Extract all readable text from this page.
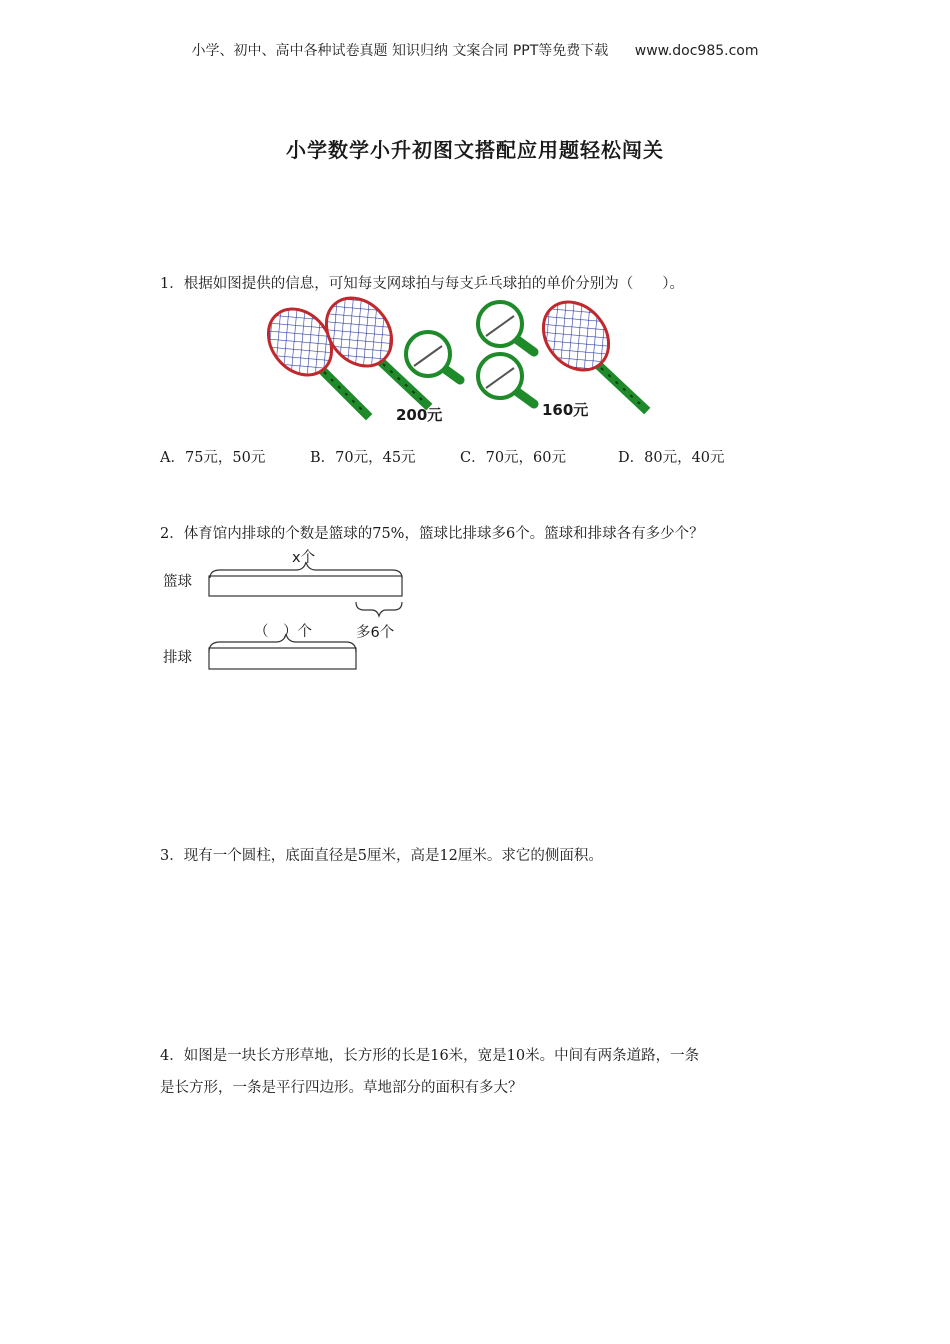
小学、初中、高中各种试卷真题 知识归纳 文案合同 PPT等免费下载 www.doc985.com
小学数学小升初图文搭配应用题轻松闯关
1．根据如图提供的信息，可知每支网球拍与每支乒乓球拍的单价分别为（　　）。
200元	160元
A．75元，50元	B．70元，45元	C．70元，60元	D．80元，40元
2．体育馆内排球的个数是篮球的75%，篮球比排球多6个。篮球和排球各有多少个？
x个
篮球
（　）个	多6个
排球
3．现有一个圆柱，底面直径是5厘米，高是12厘米。求它的侧面积。
4．如图是一块长方形草地，长方形的长是16米，宽是10米。中间有两条道路，一条
是长方形，一条是平行四边形。草地部分的面积有多大？
